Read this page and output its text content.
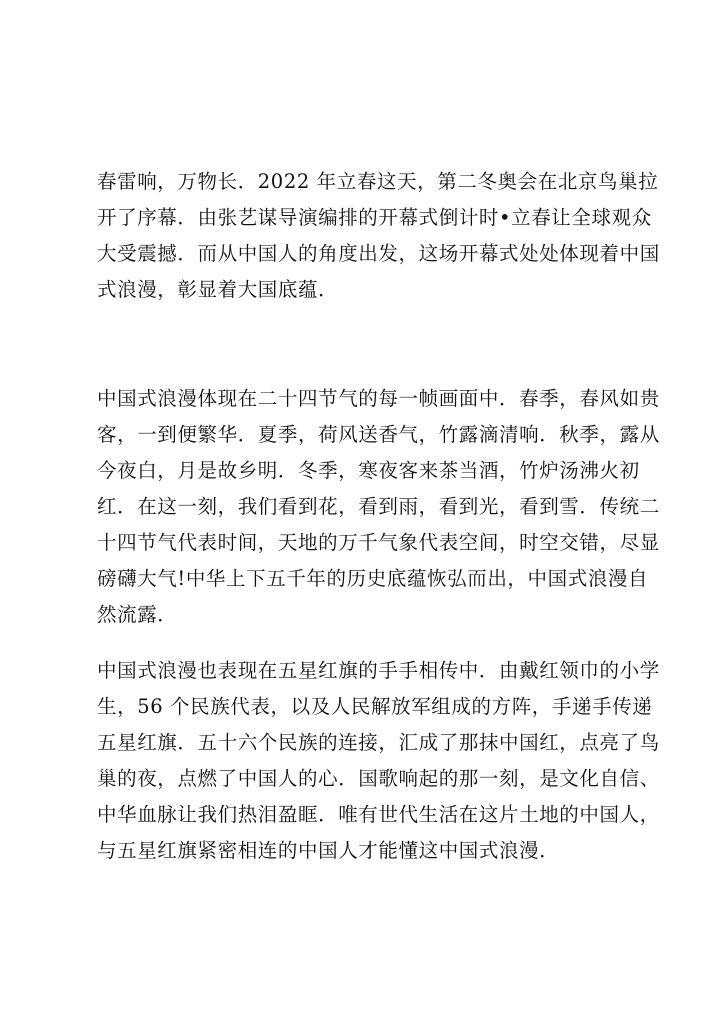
春雷响，万物长．2022 年立春这天，第二冬奥会在北京鸟巢拉
开了序幕．由张艺谋导演编排的开幕式倒计时•立春让全球观众
大受震撼．而从中国人的角度出发，这场开幕式处处体现着中国
式浪漫，彰显着大国底蕴．
中国式浪漫体现在二十四节气的每一帧画面中．春季，春风如贵
客，一到便繁华．夏季，荷风送香气，竹露滴清响．秋季，露从
今夜白，月是故乡明．冬季，寒夜客来茶当酒，竹炉汤沸火初
红．在这一刻，我们看到花，看到雨，看到光，看到雪．传统二
十四节气代表时间，天地的万千气象代表空间，时空交错，尽显
磅礴大气!中华上下五千年的历史底蕴恢弘而出，中国式浪漫自
然流露．
中国式浪漫也表现在五星红旗的手手相传中．由戴红领巾的小学
生，56 个民族代表，以及人民解放军组成的方阵，手递手传递
五星红旗．五十六个民族的连接，汇成了那抹中国红，点亮了鸟
巢的夜，点燃了中国人的心．国歌响起的那一刻，是文化自信、
中华血脉让我们热泪盈眶．唯有世代生活在这片土地的中国人，
与五星红旗紧密相连的中国人才能懂这中国式浪漫．
